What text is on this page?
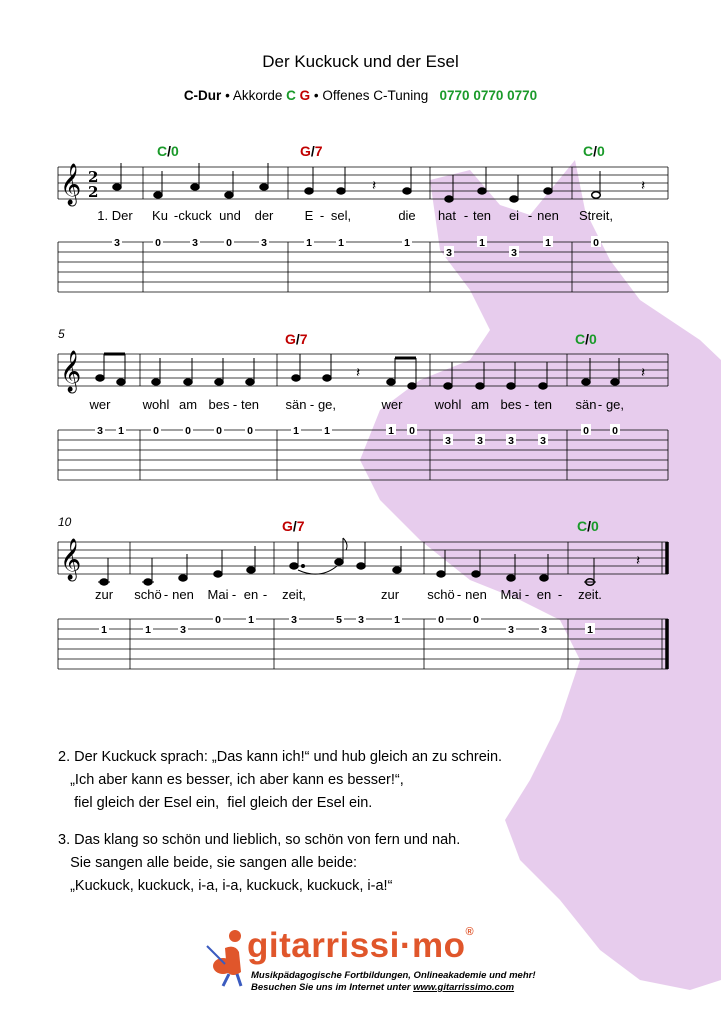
Der Kuckuck und der Esel
C-Dur • Akkorde C G • Offenes C-Tuning 0770 0770 0770
𝄞 2
2	𝄽	𝄽
𝄞	𝄽	𝄽
𝄞	𝄽
5
10
C/0	G/7	C/0
G/7	C/0
G/7	C/0
1. Der Ku - ckuck und der E - sel,	die hat - ten ei - nen Streit,
wer wohl am bes - ten sän - ge,	wer wohl am bes - ten sän - ge,
zur schö - nen Mai - en - zeit,	zur schö - nen Mai - en - zeit.
3	0	3	0	3	1 1	1
3
1
3
1	0
3 1	0 0 0 0	1 1	1 0
3 3 3 3
0 0
1	1	3
0	1	3	5 3	1	0	0
3	3	1
2. Der Kuckuck sprach: „Das kann ich!“ und hub gleich an zu schrein.
„Ich aber kann es besser, ich aber kann es besser!“,
fiel gleich der Esel ein,  fiel gleich der Esel ein.
3. Das klang so schön und lieblich, so schön von fern und nah.
Sie sangen alle beide, sie sangen alle beide:
„Kuckuck, kuckuck, i-a, i-a, kuckuck, kuckuck, i-a!“
gitarrissi·mo®
Musikpädagogische Fortbildungen, Onlineakademie und mehr!
Besuchen Sie uns im Internet unter www.gitarrissimo.com
